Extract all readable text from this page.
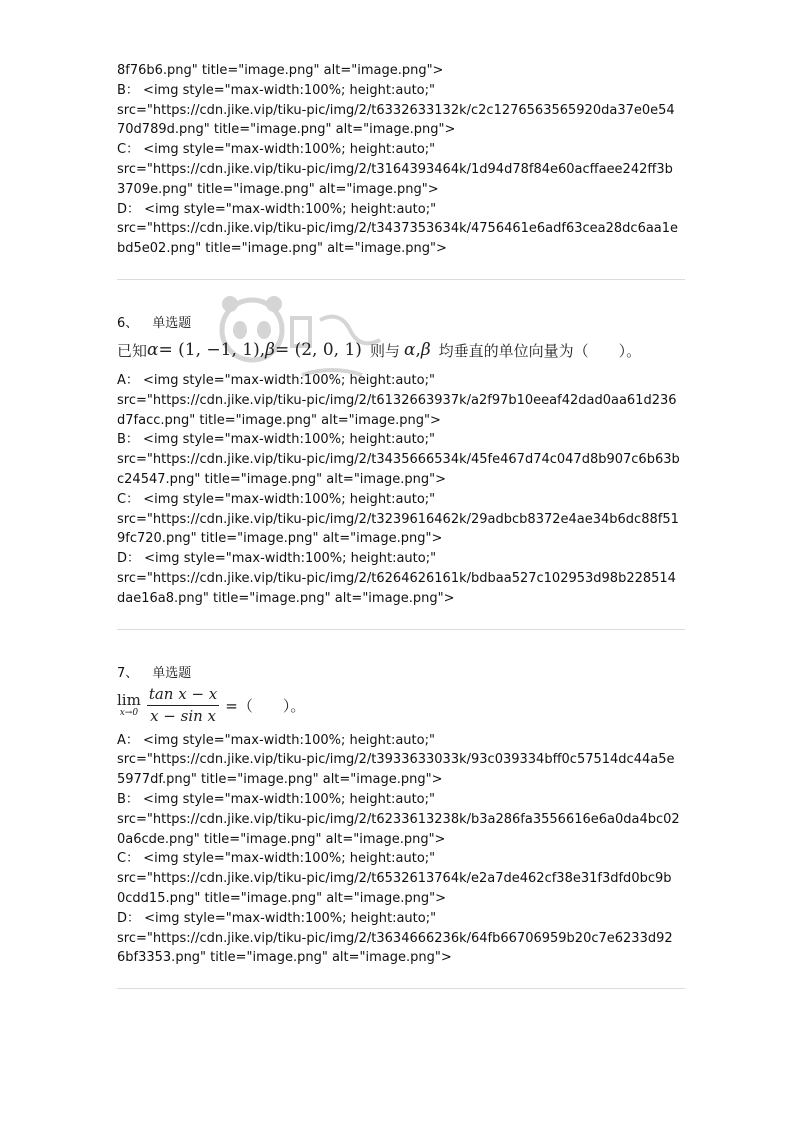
8f76b6.png" title="image.png" alt="image.png">
B： <img style="max-width:100%; height:auto;"
src="https://cdn.jike.vip/tiku-pic/img/2/t6332633132k/c2c1276563565920da37e0e54
70d789d.png" title="image.png" alt="image.png">
C： <img style="max-width:100%; height:auto;"
src="https://cdn.jike.vip/tiku-pic/img/2/t3164393464k/1d94d78f84e60acffaee242ff3b
3709e.png" title="image.png" alt="image.png">
D： <img style="max-width:100%; height:auto;"
src="https://cdn.jike.vip/tiku-pic/img/2/t3437353634k/4756461e6adf63cea28dc6aa1e
bd5e02.png" title="image.png" alt="image.png">
6、 单选题
已知 α = (1, −1, 1), β = (2, 0, 1) 则与 α , β 均垂直的单位向量为（　　）。
A： <img style="max-width:100%; height:auto;"
src="https://cdn.jike.vip/tiku-pic/img/2/t6132663937k/a2f97b10eeaf42dad0aa61d236
d7facc.png" title="image.png" alt="image.png">
B： <img style="max-width:100%; height:auto;"
src="https://cdn.jike.vip/tiku-pic/img/2/t3435666534k/45fe467d74c047d8b907c6b63b
c24547.png" title="image.png" alt="image.png">
C： <img style="max-width:100%; height:auto;"
src="https://cdn.jike.vip/tiku-pic/img/2/t3239616462k/29adbcb8372e4ae34b6dc88f51
9fc720.png" title="image.png" alt="image.png">
D： <img style="max-width:100%; height:auto;"
src="https://cdn.jike.vip/tiku-pic/img/2/t6264626161k/bdbaa527c102953d98b228514
dae16a8.png" title="image.png" alt="image.png">
7、 单选题
lim
$x\to 0 \frac{\text{tan x − x}}{\text{x − sin x}}$ =（　　）。
A： <img style="max-width:100%; height:auto;"
src="https://cdn.jike.vip/tiku-pic/img/2/t3933633033k/93c039334bff0c57514dc44a5e
5977df.png" title="image.png" alt="image.png">
B： <img style="max-width:100%; height:auto;"
src="https://cdn.jike.vip/tiku-pic/img/2/t6233613238k/b3a286fa3556616e6a0da4bc02
0a6cde.png" title="image.png" alt="image.png">
C： <img style="max-width:100%; height:auto;"
src="https://cdn.jike.vip/tiku-pic/img/2/t6532613764k/e2a7de462cf38e31f3dfd0bc9b
0cdd15.png" title="image.png" alt="image.png">
D： <img style="max-width:100%; height:auto;"
src="https://cdn.jike.vip/tiku-pic/img/2/t3634666236k/64fb66706959b20c7e6233d92
6bf3353.png" title="image.png" alt="image.png">
